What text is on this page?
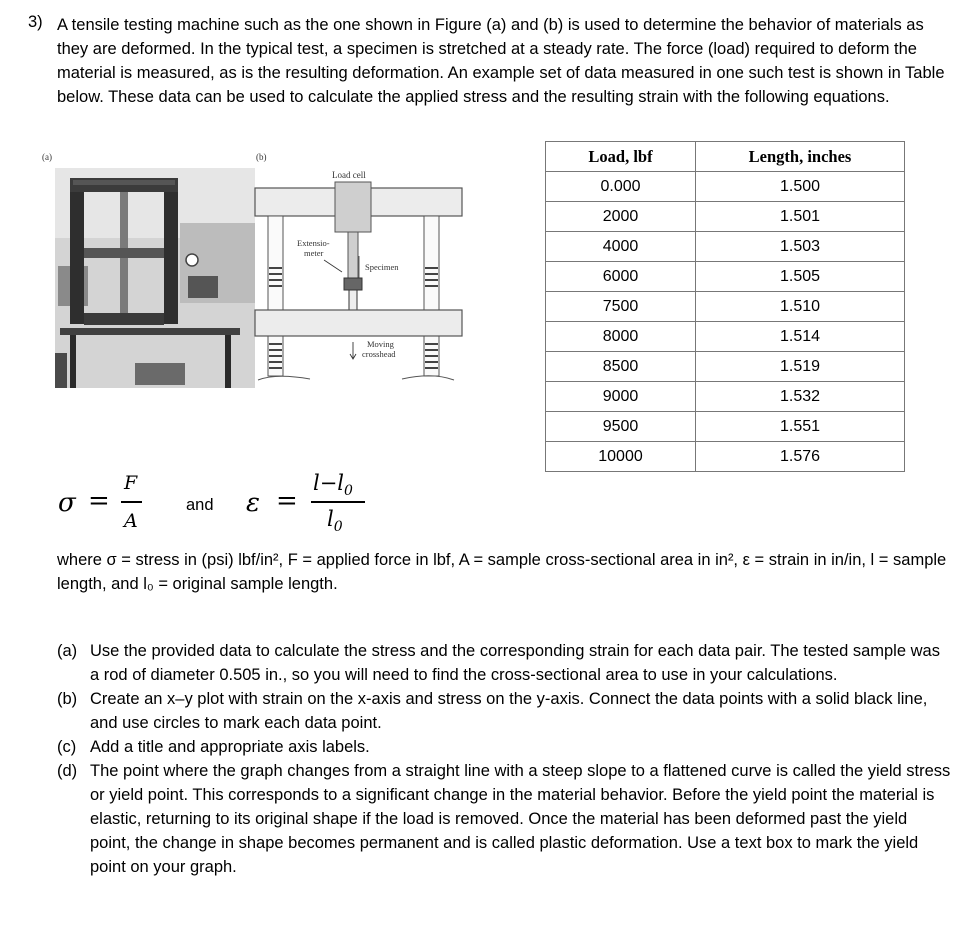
3) A tensile testing machine such as the one shown in Figure (a) and (b) is used to determine the behavior of materials as they are deformed. In the typical test, a specimen is stretched at a steady rate. The force (load) required to deform the material is measured, as is the resulting deformation. An example set of data measured in one such test is shown in Table below. These data can be used to calculate the applied stress and the resulting strain with the following equations.
(a)	(b)
Load cell
Extensio-
meter
Specimen
Moving
crosshead
Load, lbf	Length, inches
0.000	1.500
2000	1.501
4000	1.503
6000	1.505
7500	1.510
8000	1.514
8500	1.519
9000	1.532
9500	1.551
10000	1.576
σ =
F
A
and ε =
$l-l_0$
$l_0$
where σ = stress in (psi) lbf/in², F = applied force in lbf, A = sample cross-sectional area in in², ε = strain in in/in, l = sample length, and l₀ = original sample length.
(a) Use the provided data to calculate the stress and the corresponding strain for each data pair. The tested sample was a rod of diameter 0.505 in., so you will need to find the cross-sectional area to use in your calculations.
(b) Create an x–y plot with strain on the x-axis and stress on the y-axis. Connect the data points with a solid black line, and use circles to mark each data point.
(c) Add a title and appropriate axis labels.
(d) The point where the graph changes from a straight line with a steep slope to a flattened curve is called the yield stress or yield point. This corresponds to a significant change in the material behavior. Before the yield point the material is elastic, returning to its original shape if the load is removed. Once the material has been deformed past the yield point, the change in shape becomes permanent and is called plastic deformation. Use a text box to mark the yield point on your graph.
